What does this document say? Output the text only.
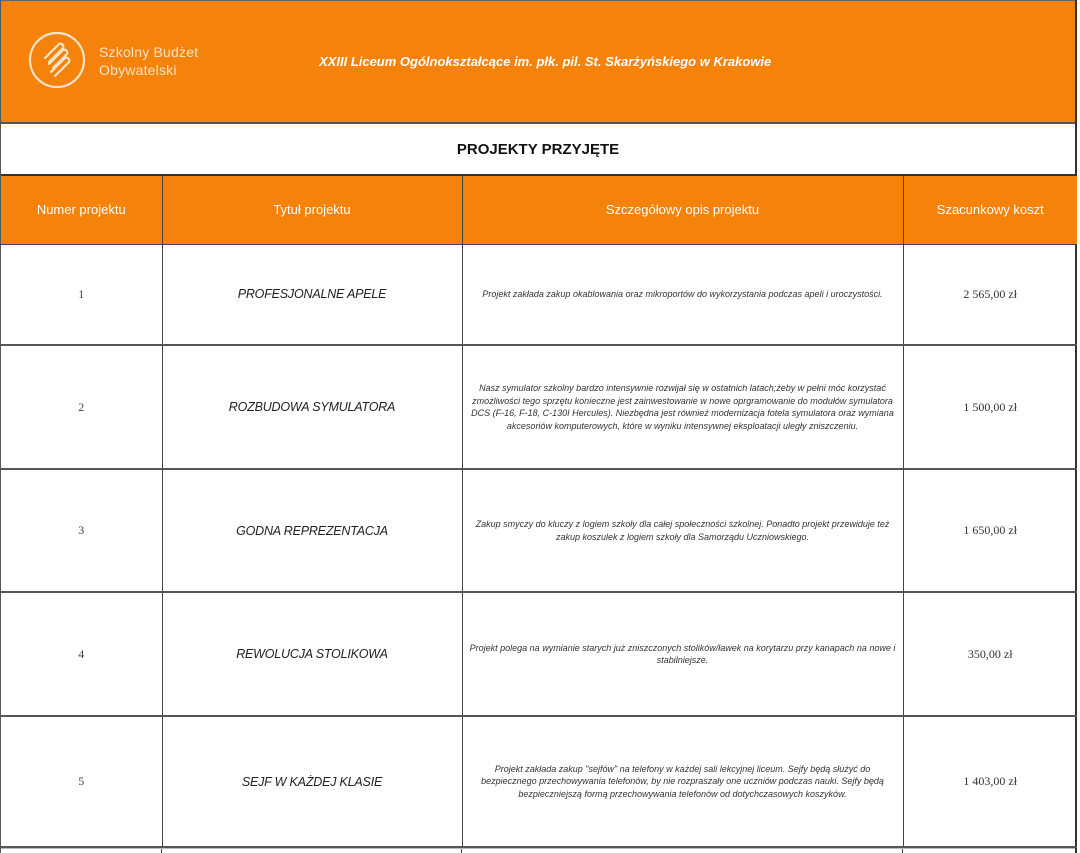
Szkolny Budżet
Obywatelski
XXIII Liceum Ogólnokształcące im. płk. pil. St. Skarżyńskiego w Krakowie
PROJEKTY PRZYJĘTE
Numer projektu	Tytuł projektu	Szczegółowy opis projektu	Szacunkowy koszt
1	PROFESJONALNE APELE	Projekt zakłada zakup okablowania oraz mikroportów do wykorzystania podczas apeli i uroczystości.	2 565,00 zł
2	ROZBUDOWA SYMULATORA	Nasz symulator szkolny bardzo intensywnie rozwijał się w ostatnich latach;żeby w pełni móc korzystać zmożliwości tego sprzętu konieczne jest zainwestowanie w nowe oprgramowanie do modułów symulatora DCS (F-16, F-18, C-130I Hercules). Niezbędna jest również modernizacja fotela symulatora oraz wymiana akcesoriów komputerowych, które w wyniku intensywnej eksploatacji uległy zniszczeniu.	1 500,00 zł
3	GODNA REPREZENTACJA	Zakup smyczy do kluczy z logiem szkoły dla całej społeczności szkolnej. Ponadto projekt przewiduje też zakup koszulek z logiem szkoły dla Samorządu Uczniowskiego.	1 650,00 zł
4	REWOLUCJA STOLIKOWA	Projekt polega na wymianie starych już zniszczonych stolików/ławek na korytarzu przy kanapach na nowe i stabilniejsze.	350,00 zł
5	SEJF W KAŻDEJ KLASIE	Projekt zakłada zakup "sejfów" na telefony w każdej sali lekcyjnej liceum. Sejfy będą służyć do bezpiecznego przechowywania telefonów, by nie rozpraszały one uczniów podczas nauki. Sejfy będą bezpieczniejszą formą przechowywania telefonów od dotychczasowych koszyków.	1 403,00 zł
